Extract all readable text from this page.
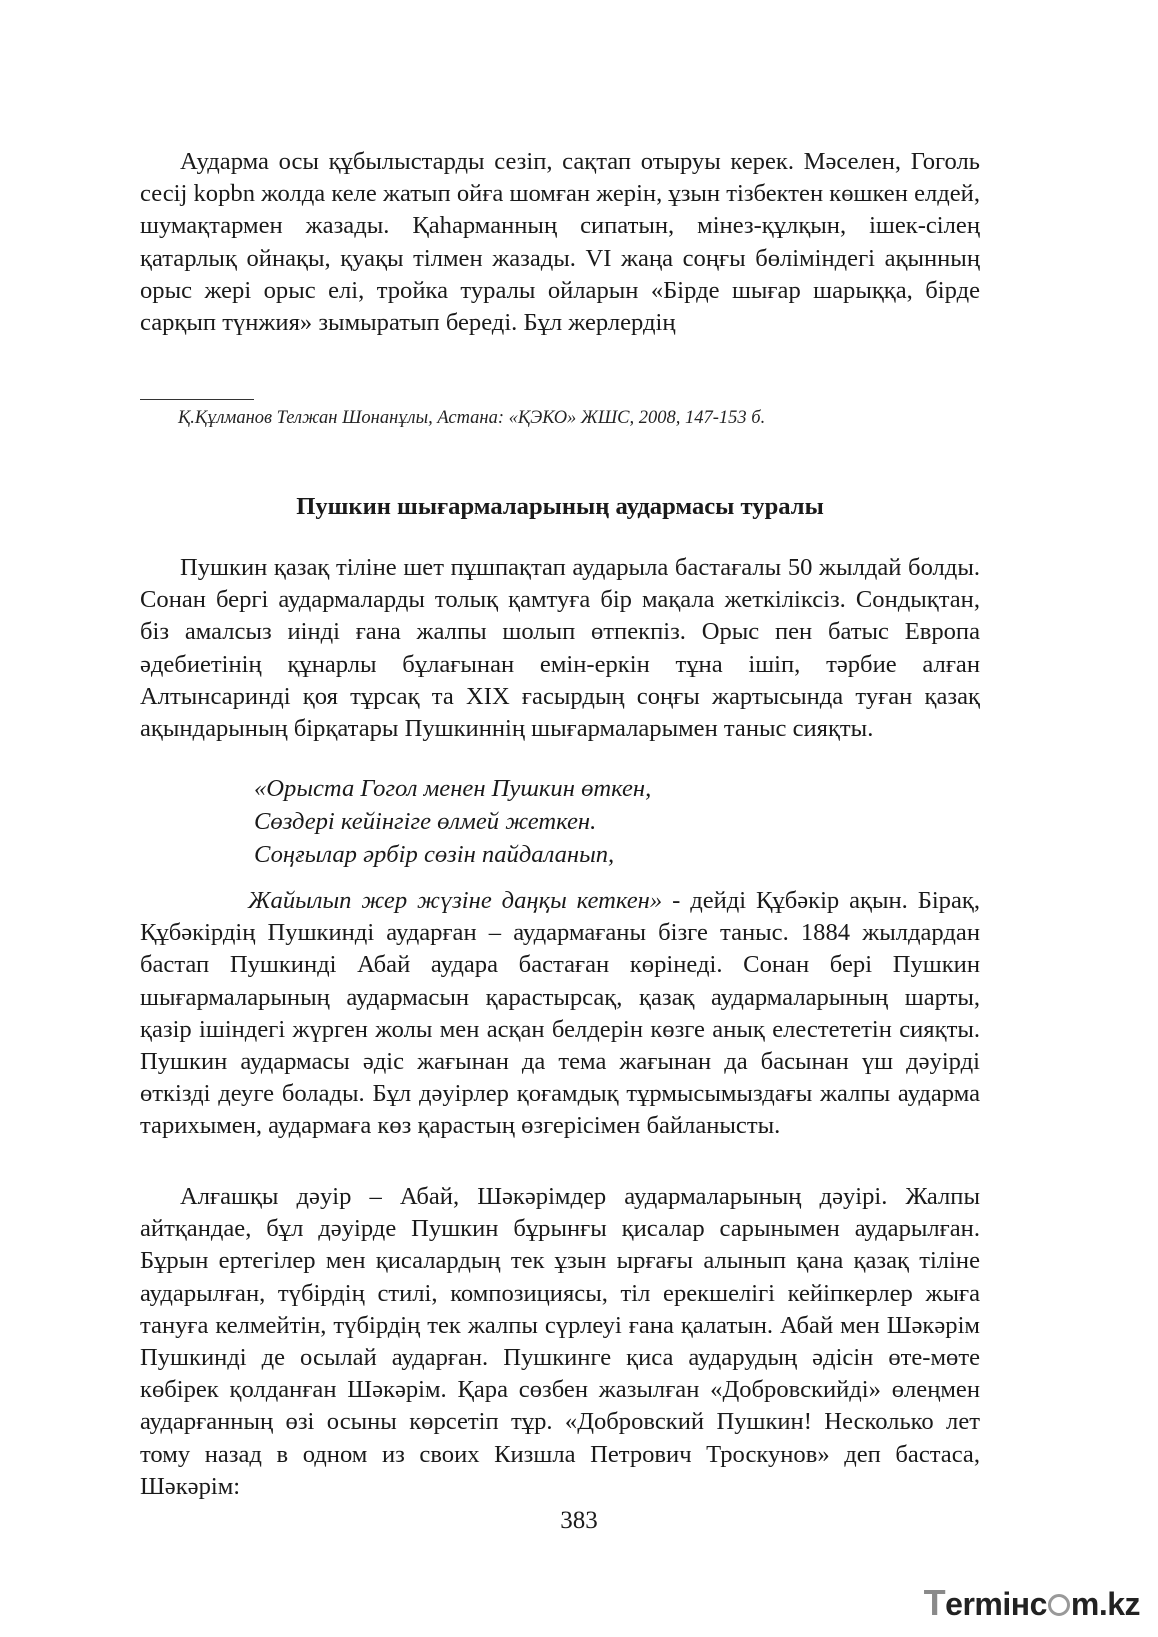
Аударма осы құбылыстарды сезіп, сақтап отыруы керек. Мәселен, Гоголь сесіј kорbn жолда келе жатып ойға шомған жерін, ұзын тізбектен көшкен елдей, шумақтармен жазады. Қаһарманның сипатын, мінез-құлқын, ішек-сілең қатарлық ойнақы, қуақы тілмен жазады. VI жаңа соңғы бөліміндегі ақынның орыс жері орыс елі, тройка туралы ойларын «Бірде шығар шарыққа, бірде сарқып түнжия» зымыратып береді. Бұл жерлердің

Қ.Құлманов Телжан Шонанұлы, Астана: «ҚЭКО» ЖШС, 2008, 147-153 б.

Пушкин шығармаларының аудармасы туралы

Пушкин қазақ тіліне шет пұшпақтап аударыла бастағалы 50 жылдай болды. Сонан бергі аудармаларды толық қамтуға бір мақала жеткіліксіз. Сондықтан, біз амалсыз иінді ғана жалпы шолып өтпекпіз. Орыс пен батыс Европа әдебиетінің құнарлы бұлағынан емін-еркін тұна ішіп, тәрбие алған Алтынсаринді қоя тұрсақ та XIX ғасырдың соңғы жартысында туған қазақ ақындарының бірқатары Пушкиннің шығармаларымен таныс сияқты.

«Орыста Гогол менен Пушкин өткен,
Сөздері кейінгіге өлмей жеткен.
Соңғылар әрбір сөзін пайдаланып,

Жайылып жер жүзіне даңқы кеткен» - дейді Құбәкір ақын. Бірақ, Құбәкірдің Пушкинді аударған – аудармағаны бізге таныс. 1884 жылдардан бастап Пушкинді Абай аудара бастаған көрінеді. Сонан бері Пушкин шығармаларының аудармасын қарастырсақ, қазақ аудармаларының шарты, қазір ішіндегі жүрген жолы мен асқан белдерін көзге анық елестететін сияқты. Пушкин аудармасы әдіс жағынан да тема жағынан да басынан үш дәуірді өткізді деуге болады. Бұл дәуірлер қоғамдық тұрмысымыздағы жалпы аударма тарихымен, аудармаға көз қарастың өзгерісімен байланысты.

Алғашқы дәуір – Абай, Шәкәрімдер аудармаларының дәуірі. Жалпы айтқандае, бұл дәуірде Пушкин бұрынғы қисалар сарынымен аударылған. Бұрын ертегілер мен қисалардың тек ұзын ырғағы алынып қана қазақ тіліне аударылған, түбірдің стилі, композициясы, тіл ерекшелігі кейіпкерлер жыға тануға келмейтін, түбірдің тек жалпы сүрлеуі ғана қалатын. Абай мен Шәкәрім Пушкинді де осылай аударған. Пушкинге қиса аударудың әдісін өте-мөте көбірек қолданған Шәкәрім. Қара сөзбен жазылған «Добровскийді» өлеңмен аударғанның өзі осыны көрсетіп тұр. «Добровский Пушкин! Несколько лет тому назад в одном из своих Кизшла Петрович Троскунов» деп бастаса, Шәкәрім:

383

Termінc m.kz
